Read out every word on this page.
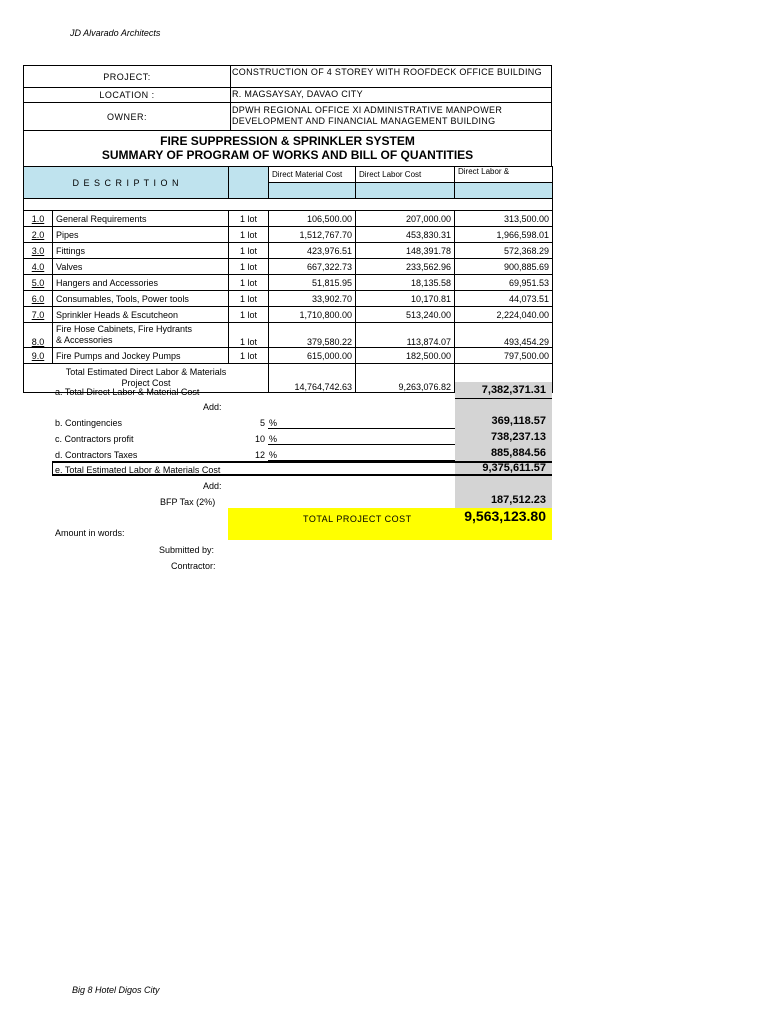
JD Alvarado Architects
PROJECT:	CONSTRUCTION OF 4 STOREY WITH ROOFDECK OFFICE BUILDING
LOCATION :	R. MAGSAYSAY, DAVAO CITY
OWNER:
DPWH REGIONAL OFFICE XI ADMINISTRATIVE MANPOWER
DEVELOPMENT AND FINANCIAL MANAGEMENT BUILDING
FIRE SUPPRESSION & SPRINKLER SYSTEM
SUMMARY OF PROGRAM OF WORKS AND BILL OF QUANTITIES
D E S C R I P T I O N			Direct Material Cost	Direct Labor Cost	Direct Labor &

1.0	General Requirements	1 lot	106,500.00	207,000.00	313,500.00
2.0	Pipes	1 lot	1,512,767.70	453,830.31	1,966,598.01
3.0	Fittings	1 lot	423,976.51	148,391.78	572,368.29
4.0	Valves	1 lot	667,322.73	233,562.96	900,885.69
5.0	Hangers and Accessories	1 lot	51,815.95	18,135.58	69,951.53
6.0	Consumables, Tools, Power tools	1 lot	33,902.70	10,170.81	44,073.51
7.0	Sprinkler Heads & Escutcheon	1 lot	1,710,800.00	513,240.00	2,224,040.00
8.0	Fire Hose Cabinets, Fire Hydrants
& Accessories	1 lot	379,580.22	113,874.07	493,454.29
9.0	Fire Pumps and Jockey Pumps	1 lot	615,000.00	182,500.00	797,500.00

Total Estimated Direct Labor & Materials
Project Cost			14,764,742.63	9,263,076.82	
a. Total Direct Labor & Material Cost	7,382,371.31
Add:
b. Contingencies	5 %	369,118.57
c. Contractors profit	10 %	738,237.13
d. Contractors Taxes	12 %	885,884.56
e. Total Estimated Labor & Materials Cost	9,375,611.57
Add:
BFP Tax (2%)	187,512.23
TOTAL PROJECT COST	9,563,123.80
Amount in words:
Submitted by:
Contractor:
Big 8 Hotel Digos City
